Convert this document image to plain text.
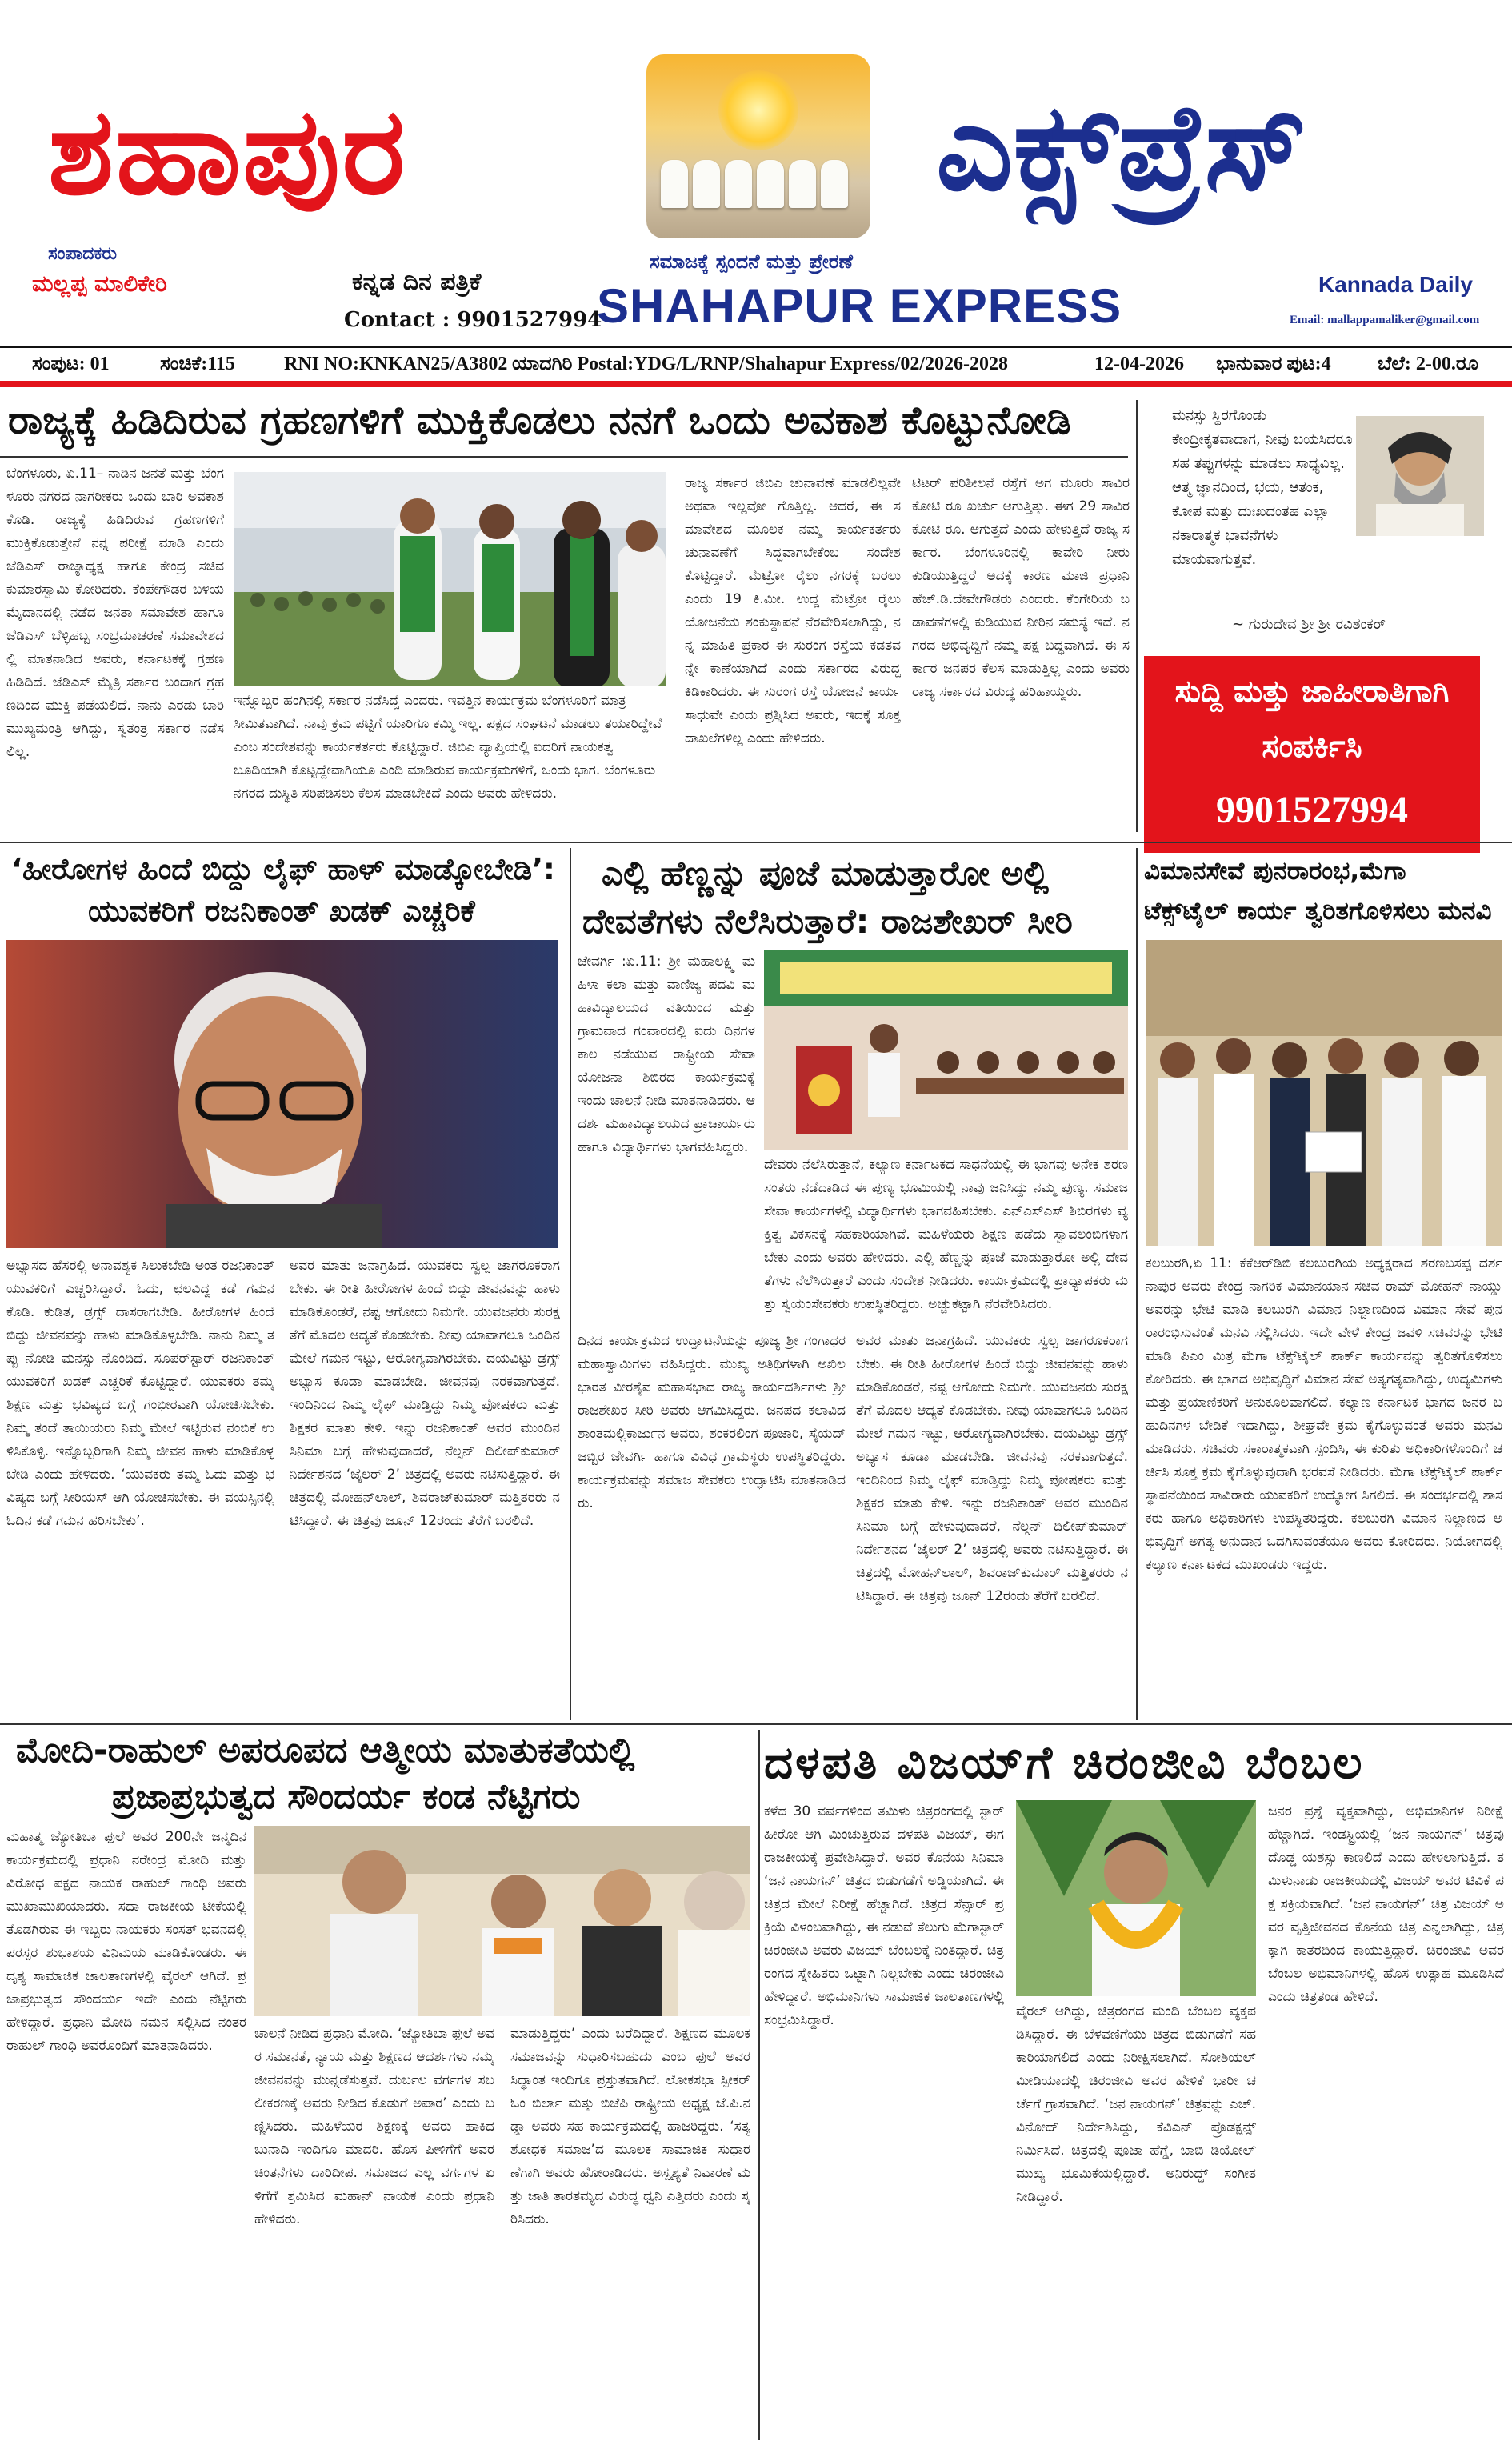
ಶಹಾಪುರ	ಎಕ್ಸ್‌ಪ್ರೆಸ್
ಸಂಪಾದಕರು
ಮಲ್ಲಪ್ಪ ಮಾಲಿಕೇರಿ	ಕನ್ನಡ ದಿನ ಪತ್ರಿಕೆ
Contact : 9901527994
ಸಮಾಜಕ್ಕೆ ಸ್ಪಂದನೆ ಮತ್ತು ಪ್ರೇರಣೆ
SHAHAPUR EXPRESS	Kannada Daily
Email: mallappamaliker@gmail.com
ಸಂಪುಟ: 01	ಸಂಚಿಕೆ:115	RNI NO:KNKAN25/A3802 ಯಾದಗಿರಿ Postal:YDG/L/RNP/Shahapur Express/02/2026-2028	12-04-2026 ಭಾನುವಾರ ಪುಟ:4 ಬೆಲೆ: 2-00.ರೂ
ರಾಜ್ಯಕ್ಕೆ ಹಿಡಿದಿರುವ ಗ್ರಹಣಗಳಿಗೆ ಮುಕ್ತಿಕೊಡಲು ನನಗೆ ಒಂದು ಅವಕಾಶ ಕೊಟ್ಟುನೋಡಿ

ಬೆಂಗಳೂರು, ಏ.11– ನಾಡಿನ ಜನತೆ ಮತ್ತು ಬೆಂಗಳೂರು ನಗರದ ನಾಗರೀಕರು ಒಂದು ಬಾರಿ ಅವಕಾಶ ಕೊಡಿ. ರಾಜ್ಯಕ್ಕೆ ಹಿಡಿದಿರುವ ಗ್ರಹಣಗಳಿಗೆ ಮುಕ್ತಿಕೊಡುತ್ತೇನೆ ನನ್ನ ಪರೀಕ್ಷೆ ಮಾಡಿ ಎಂದು ಜೆಡಿಎಸ್ ರಾಜ್ಯಾಧ್ಯಕ್ಷ ಹಾಗೂ ಕೇಂದ್ರ ಸಚಿವ ಕುಮಾರಸ್ವಾಮಿ ಕೋರಿದರು. ಕೆಂಪೇಗೌಡರ ಬಳಿಯ ಮೈದಾನದಲ್ಲಿ ನಡೆದ ಜನತಾ ಸಮಾವೇಶ ಹಾಗೂ ಜೆಡಿಎಸ್ ಬೆಳ್ಳಿಹಬ್ಬ ಸಂಭ್ರಮಾಚರಣೆ ಸಮಾವೇಶದಲ್ಲಿ ಮಾತನಾಡಿದ ಅವರು, ಕರ್ನಾಟಕಕ್ಕೆ ಗ್ರಹಣ ಹಿಡಿದಿದೆ. ಜೆಡಿಎಸ್ ಮೈತ್ರಿ ಸರ್ಕಾರ ಬಂದಾಗ ಗ್ರಹಣದಿಂದ ಮುಕ್ತಿ ಪಡೆಯಲಿದೆ. ನಾನು ಎರಡು ಬಾರಿ ಮುಖ್ಯಮಂತ್ರಿ ಆಗಿದ್ದು, ಸ್ವತಂತ್ರ ಸರ್ಕಾರ ನಡೆಸಲಿಲ್ಲ.

ಇನ್ನೊಬ್ಬರ ಹಂಗಿನಲ್ಲಿ ಸರ್ಕಾರ ನಡೆಸಿದ್ದೆ ಎಂದರು. ಇವತ್ತಿನ ಕಾರ್ಯಕ್ರಮ ಬೆಂಗಳೂರಿಗೆ ಮಾತ್ರ ಸೀಮಿತವಾಗಿದೆ. ನಾವು ಕ್ರಮ ಪಟ್ಟಿಗೆ ಯಾರಿಗೂ ಕಮ್ಮಿ ಇಲ್ಲ. ಪಕ್ಷದ ಸಂಘಟನೆ ಮಾಡಲು ತಯಾರಿದ್ದೇವೆ ಎಂಬ ಸಂದೇಶವನ್ನು ಕಾರ್ಯಕರ್ತರು ಕೊಟ್ಟಿದ್ದಾರೆ. ಜಿಬಿಎ ವ್ಯಾಪ್ತಿಯಲ್ಲಿ ಐದರಿಗೆ ನಾಯಕತ್ವ ಬೂದಿಯಾಗಿ ಕೊಟ್ಟದ್ದೇವಾಗಿಯೂ ಎಂದಿ ಮಾಡಿರುವ ಕಾರ್ಯಕ್ರಮಗಳಿಗೆ, ಒಂದು ಭಾಗ. ಬೆಂಗಳೂರು ನಗರದ ದುಸ್ಥಿತಿ ಸರಿಪಡಿಸಲು ಕೆಲಸ ಮಾಡಬೇಕಿದೆ ಎಂದು ಅವರು ಹೇಳಿದರು.

ರಾಜ್ಯ ಸರ್ಕಾರ ಜಿಬಿಎ ಚುನಾವಣೆ ಮಾಡಲಿಲ್ಲವೇ ಅಥವಾ ಇಲ್ಲವೋ ಗೊತ್ತಿಲ್ಲ. ಆದರೆ, ಈ ಸಮಾವೇಶದ ಮೂಲಕ ನಮ್ಮ ಕಾರ್ಯಕರ್ತರು ಚುನಾವಣೆಗೆ ಸಿದ್ಧವಾಗಬೇಕೆಂಬ ಸಂದೇಶ ಕೊಟ್ಟಿದ್ದಾರೆ. ಮೆಟ್ರೋ ರೈಲು ನಗರಕ್ಕೆ ಬರಲು ಎಂದು 19 ಕಿ.ಮೀ. ಉದ್ದ ಮೆಟ್ರೋ ರೈಲು ಯೋಜನೆಯ ಶಂಕುಸ್ಥಾಪನೆ ನೆರವೇರಿಸಲಾಗಿದ್ದು, ನನ್ನ ಮಾಹಿತಿ ಪ್ರಕಾರ ಈ ಸುರಂಗ ರಸ್ತೆಯ ಕಡತವನ್ನೇ ಕಾಣೆಯಾಗಿದೆ ಎಂದು ಸರ್ಕಾರದ ವಿರುದ್ಧ ಕಿಡಿಕಾರಿದರು. ಈ ಸುರಂಗ ರಸ್ತೆ ಯೋಜನೆ ಕಾರ್ಯಸಾಧುವೇ ಎಂದು ಪ್ರಶ್ನಿಸಿದ ಅವರು, ಇದಕ್ಕೆ ಸೂಕ್ತ ದಾಖಲೆಗಳಿಲ್ಲ ಎಂದು ಹೇಳಿದರು.

ಟಿಟರ್ ಪರಿಶೀಲನೆ ರಸ್ತೆಗೆ ಅಗ ಮೂರು ಸಾವಿರ ಕೋಟಿ ರೂ ಖರ್ಚು ಆಗುತ್ತಿತ್ತು. ಈಗ 29 ಸಾವಿರ ಕೋಟಿ ರೂ. ಆಗುತ್ತದೆ ಎಂದು ಹೇಳುತ್ತಿದೆ ರಾಜ್ಯ ಸರ್ಕಾರ. ಬೆಂಗಳೂರಿನಲ್ಲಿ ಕಾವೇರಿ ನೀರು ಕುಡಿಯುತ್ತಿದ್ದರೆ ಅದಕ್ಕೆ ಕಾರಣ ಮಾಜಿ ಪ್ರಧಾನಿ ಹೆಚ್.ಡಿ.ದೇವೇಗೌಡರು ಎಂದರು. ಕೆಂಗೇರಿಯ ಬಡಾವಣೆಗಳಲ್ಲಿ ಕುಡಿಯುವ ನೀರಿನ ಸಮಸ್ಯೆ ಇದೆ. ನಗರದ ಅಭಿವೃದ್ಧಿಗೆ ನಮ್ಮ ಪಕ್ಷ ಬದ್ಧವಾಗಿದೆ. ಈ ಸರ್ಕಾರ ಜನಪರ ಕೆಲಸ ಮಾಡುತ್ತಿಲ್ಲ ಎಂದು ಅವರು ರಾಜ್ಯ ಸರ್ಕಾರದ ವಿರುದ್ಧ ಹರಿಹಾಯ್ದರು.

ಮನಸ್ಸು ಸ್ಥಿರಗೊಂಡು ಕೇಂದ್ರೀಕೃತವಾದಾಗ, ನೀವು ಬಯಸಿದರೂ ಸಹ ತಪ್ಪುಗಳನ್ನು ಮಾಡಲು ಸಾಧ್ಯವಿಲ್ಲ. ಆತ್ಮ ಜ್ಞಾನದಿಂದ, ಭಯ, ಆತಂಕ, ಕೋಪ ಮತ್ತು ದುಃಖದಂತಹ ಎಲ್ಲಾ ನಕಾರಾತ್ಮಕ ಭಾವನೆಗಳು ಮಾಯವಾಗುತ್ತವೆ.
~ ಗುರುದೇವ ಶ್ರೀ ಶ್ರೀ ರವಿಶಂಕರ್
ಸುದ್ದಿ ಮತ್ತು ಜಾಹೀರಾತಿಗಾಗಿ
ಸಂಪರ್ಕಿಸಿ
9901527994
‘ಹೀರೋಗಳ ಹಿಂದೆ ಬಿದ್ದು ಲೈಫ್ ಹಾಳ್ ಮಾಡ್ಕೋಬೇಡಿ’:
ಯುವಕರಿಗೆ ರಜನಿಕಾಂತ್ ಖಡಕ್ ಎಚ್ಚರಿಕೆ

ಅಭ್ಯಾಸದ ಹೆಸರಲ್ಲಿ ಅನಾವಶ್ಯಕ ಸಿಲುಕಬೇಡಿ ಅಂತ ರಜನಿಕಾಂತ್ ಯುವಕರಿಗೆ ಎಚ್ಚರಿಸಿದ್ದಾರೆ. ಓದು, ಛಲವಿದ್ದ ಕಡೆ ಗಮನ ಕೊಡಿ. ಕುಡಿತ, ಡ್ರಗ್ಸ್ ದಾಸರಾಗಬೇಡಿ. ಹೀರೋಗಳ ಹಿಂದೆ ಬಿದ್ದು ಜೀವನವನ್ನು ಹಾಳು ಮಾಡಿಕೊಳ್ಳಬೇಡಿ. ನಾನು ನಿಮ್ಮ ತಪ್ಪು ನೋಡಿ ಮನಸ್ಸು ನೊಂದಿದೆ. ಸೂಪರ್‌ಸ್ಟಾರ್ ರಜನಿಕಾಂತ್ ಯುವಕರಿಗೆ ಖಡಕ್ ಎಚ್ಚರಿಕೆ ಕೊಟ್ಟಿದ್ದಾರೆ. ಯುವಕರು ತಮ್ಮ ಶಿಕ್ಷಣ ಮತ್ತು ಭವಿಷ್ಯದ ಬಗ್ಗೆ ಗಂಭೀರವಾಗಿ ಯೋಚಿಸಬೇಕು. ನಿಮ್ಮ ತಂದೆ ತಾಯಿಯರು ನಿಮ್ಮ ಮೇಲೆ ಇಟ್ಟಿರುವ ನಂಬಿಕೆ ಉಳಿಸಿಕೊಳ್ಳಿ. ಇನ್ನೊಬ್ಬರಿಗಾಗಿ ನಿಮ್ಮ ಜೀವನ ಹಾಳು ಮಾಡಿಕೊಳ್ಳಬೇಡಿ ಎಂದು ಹೇಳಿದರು. ‘ಯುವಕರು ತಮ್ಮ ಓದು ಮತ್ತು ಭವಿಷ್ಯದ ಬಗ್ಗೆ ಸೀರಿಯಸ್ ಆಗಿ ಯೋಚಿಸಬೇಕು. ಈ ವಯಸ್ಸಿನಲ್ಲಿ ಓದಿನ ಕಡೆ ಗಮನ ಹರಿಸಬೇಕು’.

ಅವರ ಮಾತು ಜನಾಗ್ರಹಿದೆ. ಯುವಕರು ಸ್ವಲ್ಪ ಜಾಗರೂಕರಾಗಬೇಕು. ಈ ರೀತಿ ಹೀರೋಗಳ ಹಿಂದೆ ಬಿದ್ದು ಜೀವನವನ್ನು ಹಾಳು ಮಾಡಿಕೊಂಡರೆ, ನಷ್ಟ ಆಗೋದು ನಿಮಗೇ. ಯುವಜನರು ಸುರಕ್ಷತೆಗೆ ಮೊದಲ ಆದ್ಯತೆ ಕೊಡಬೇಕು. ನೀವು ಯಾವಾಗಲೂ ಒಂದಿನ ಮೇಲೆ ಗಮನ ಇಟ್ಟು, ಆರೋಗ್ಯವಾಗಿರಬೇಕು. ದಯವಿಟ್ಟು ಡ್ರಗ್ಸ್ ಅಭ್ಯಾಸ ಕೂಡಾ ಮಾಡಬೇಡಿ. ಜೀವನವು ನರಕವಾಗುತ್ತದೆ. ಇಂದಿನಿಂದ ನಿಮ್ಮ ಲೈಫ್ ಮಾಡ್ತಿದ್ದು ನಿಮ್ಮ ಪೋಷಕರು ಮತ್ತು ಶಿಕ್ಷಕರ ಮಾತು ಕೇಳಿ. ಇನ್ನು ರಜನಿಕಾಂತ್ ಅವರ ಮುಂದಿನ ಸಿನಿಮಾ ಬಗ್ಗೆ ಹೇಳುವುದಾದರೆ, ನೆಲ್ಸನ್ ದಿಲೀಪ್‌ಕುಮಾರ್ ನಿರ್ದೇಶನದ ‘ಜೈಲರ್ 2’ ಚಿತ್ರದಲ್ಲಿ ಅವರು ನಟಿಸುತ್ತಿದ್ದಾರೆ. ಈ ಚಿತ್ರದಲ್ಲಿ ಮೋಹನ್‌ಲಾಲ್, ಶಿವರಾಜ್‌ಕುಮಾರ್ ಮತ್ತಿತರರು ನಟಿಸಿದ್ದಾರೆ. ಈ ಚಿತ್ರವು ಜೂನ್ 12ರಂದು ತೆರೆಗೆ ಬರಲಿದೆ.

ಎಲ್ಲಿ ಹೆಣ್ಣನ್ನು ಪೂಜೆ ಮಾಡುತ್ತಾರೋ ಅಲ್ಲಿ
ದೇವತೆಗಳು ನೆಲೆಸಿರುತ್ತಾರೆ: ರಾಜಶೇಖರ್ ಸೀರಿ

ಜೇವರ್ಗಿ :ಏ.11: ಶ್ರೀ ಮಹಾಲಕ್ಷ್ಮಿ ಮಹಿಳಾ ಕಲಾ ಮತ್ತು ವಾಣಿಜ್ಯ ಪದವಿ ಮಹಾವಿದ್ಯಾಲಯದ ವತಿಯಿಂದ ಮತ್ತು ಗ್ರಾಮವಾದ ಗಂವಾರದಲ್ಲಿ ಐದು ದಿನಗಳ ಕಾಲ ನಡೆಯುವ ರಾಷ್ಟ್ರೀಯ ಸೇವಾ ಯೋಜನಾ ಶಿಬಿರದ ಕಾರ್ಯಕ್ರಮಕ್ಕೆ ಇಂದು ಚಾಲನೆ ನೀಡಿ ಮಾತನಾಡಿದರು. ಆದರ್ಶ ಮಹಾವಿದ್ಯಾಲಯದ ಪ್ರಾಚಾರ್ಯರು ಹಾಗೂ ವಿದ್ಯಾರ್ಥಿಗಳು ಭಾಗವಹಿಸಿದ್ದರು.

ದೇವರು ನೆಲೆಸಿರುತ್ತಾನೆ, ಕಲ್ಯಾಣ ಕರ್ನಾಟಕದ ಸಾಧನೆಯಲ್ಲಿ ಈ ಭಾಗವು ಅನೇಕ ಶರಣ ಸಂತರು ನಡೆದಾಡಿದ ಈ ಪುಣ್ಯ ಭೂಮಿಯಲ್ಲಿ ನಾವು ಜನಿಸಿದ್ದು ನಮ್ಮ ಪುಣ್ಯ. ಸಮಾಜ ಸೇವಾ ಕಾರ್ಯಗಳಲ್ಲಿ ವಿದ್ಯಾರ್ಥಿಗಳು ಭಾಗವಹಿಸಬೇಕು. ಎನ್‌ಎಸ್‌ಎಸ್ ಶಿಬಿರಗಳು ವ್ಯಕ್ತಿತ್ವ ವಿಕಸನಕ್ಕೆ ಸಹಕಾರಿಯಾಗಿವೆ. ಮಹಿಳೆಯರು ಶಿಕ್ಷಣ ಪಡೆದು ಸ್ವಾವಲಂಬಿಗಳಾಗಬೇಕು ಎಂದು ಅವರು ಹೇಳಿದರು. ಎಲ್ಲಿ ಹೆಣ್ಣನ್ನು ಪೂಜೆ ಮಾಡುತ್ತಾರೋ ಅಲ್ಲಿ ದೇವತೆಗಳು ನೆಲೆಸಿರುತ್ತಾರೆ ಎಂದು ಸಂದೇಶ ನೀಡಿದರು. ಕಾರ್ಯಕ್ರಮದಲ್ಲಿ ಪ್ರಾಧ್ಯಾಪಕರು ಮತ್ತು ಸ್ವಯಂಸೇವಕರು ಉಪಸ್ಥಿತರಿದ್ದರು. ಅಚ್ಚುಕಟ್ಟಾಗಿ ನೆರವೇರಿಸಿದರು.

ದಿನದ ಕಾರ್ಯಕ್ರಮದ ಉದ್ಘಾಟನೆಯನ್ನು ಪೂಜ್ಯ ಶ್ರೀ ಗಂಗಾಧರ ಮಹಾಸ್ವಾಮಿಗಳು ವಹಿಸಿದ್ದರು. ಮುಖ್ಯ ಅತಿಥಿಗಳಾಗಿ ಅಖಿಲ ಭಾರತ ವೀರಶೈವ ಮಹಾಸಭಾದ ರಾಜ್ಯ ಕಾರ್ಯದರ್ಶಿಗಳು ಶ್ರೀ ರಾಜಶೇಖರ ಸೀರಿ ಅವರು ಆಗಮಿಸಿದ್ದರು. ಜನಪದ ಕಲಾವಿದ ಶಾಂತಮಲ್ಲಿಕಾರ್ಜುನ ಅವರು, ಶಂಕರಲಿಂಗ ಪೂಜಾರಿ, ಸೈಯದ್ ಜಬ್ಬಿರ ಜೇವರ್ಗಿ ಹಾಗೂ ವಿವಿಧ ಗ್ರಾಮಸ್ಥರು ಉಪಸ್ಥಿತರಿದ್ದರು. ಕಾರ್ಯಕ್ರಮವನ್ನು ಸಮಾಜ ಸೇವಕರು ಉದ್ಘಾಟಿಸಿ ಮಾತನಾಡಿದರು.

ಅವರ ಮಾತು ಜನಾಗ್ರಹಿದೆ. ಯುವಕರು ಸ್ವಲ್ಪ ಜಾಗರೂಕರಾಗಬೇಕು. ಈ ರೀತಿ ಹೀರೋಗಳ ಹಿಂದೆ ಬಿದ್ದು ಜೀವನವನ್ನು ಹಾಳು ಮಾಡಿಕೊಂಡರೆ, ನಷ್ಟ ಆಗೋದು ನಿಮಗೇ. ಯುವಜನರು ಸುರಕ್ಷತೆಗೆ ಮೊದಲ ಆದ್ಯತೆ ಕೊಡಬೇಕು. ನೀವು ಯಾವಾಗಲೂ ಒಂದಿನ ಮೇಲೆ ಗಮನ ಇಟ್ಟು, ಆರೋಗ್ಯವಾಗಿರಬೇಕು. ದಯವಿಟ್ಟು ಡ್ರಗ್ಸ್ ಅಭ್ಯಾಸ ಕೂಡಾ ಮಾಡಬೇಡಿ. ಜೀವನವು ನರಕವಾಗುತ್ತದೆ. ಇಂದಿನಿಂದ ನಿಮ್ಮ ಲೈಫ್ ಮಾಡ್ತಿದ್ದು ನಿಮ್ಮ ಪೋಷಕರು ಮತ್ತು ಶಿಕ್ಷಕರ ಮಾತು ಕೇಳಿ. ಇನ್ನು ರಜನಿಕಾಂತ್ ಅವರ ಮುಂದಿನ ಸಿನಿಮಾ ಬಗ್ಗೆ ಹೇಳುವುದಾದರೆ, ನೆಲ್ಸನ್ ದಿಲೀಪ್‌ಕುಮಾರ್ ನಿರ್ದೇಶನದ ‘ಜೈಲರ್ 2’ ಚಿತ್ರದಲ್ಲಿ ಅವರು ನಟಿಸುತ್ತಿದ್ದಾರೆ. ಈ ಚಿತ್ರದಲ್ಲಿ ಮೋಹನ್‌ಲಾಲ್, ಶಿವರಾಜ್‌ಕುಮಾರ್ ಮತ್ತಿತರರು ನಟಿಸಿದ್ದಾರೆ. ಈ ಚಿತ್ರವು ಜೂನ್ 12ರಂದು ತೆರೆಗೆ ಬರಲಿದೆ.

ವಿಮಾನಸೇವೆ ಪುನರಾರಂಭ,ಮೆಗಾ
ಟೆಕ್ಸ್‌ಟೈಲ್ ಕಾರ್ಯ ತ್ವರಿತಗೊಳಿಸಲು ಮನವಿ

ಕಲಬುರಗಿ,ಏ 11: ಕೆಕೆಆರ್‌ಡಿಬಿ ಕಲಬುರಗಿಯ ಅಧ್ಯಕ್ಷರಾದ ಶರಣಬಸಪ್ಪ ದರ್ಶನಾಪುರ ಅವರು ಕೇಂದ್ರ ನಾಗರಿಕ ವಿಮಾನಯಾನ ಸಚಿವ ರಾಮ್ ಮೋಹನ್ ನಾಯ್ಡು ಅವರನ್ನು ಭೇಟಿ ಮಾಡಿ ಕಲಬುರಗಿ ವಿಮಾನ ನಿಲ್ದಾಣದಿಂದ ವಿಮಾನ ಸೇವೆ ಪುನರಾರಂಭಿಸುವಂತೆ ಮನವಿ ಸಲ್ಲಿಸಿದರು. ಇದೇ ವೇಳೆ ಕೇಂದ್ರ ಜವಳಿ ಸಚಿವರನ್ನು ಭೇಟಿ ಮಾಡಿ ಪಿಎಂ ಮಿತ್ರ ಮೆಗಾ ಟೆಕ್ಸ್‌ಟೈಲ್ ಪಾರ್ಕ್ ಕಾರ್ಯವನ್ನು ತ್ವರಿತಗೊಳಿಸಲು ಕೋರಿದರು. ಈ ಭಾಗದ ಅಭಿವೃದ್ಧಿಗೆ ವಿಮಾನ ಸೇವೆ ಅತ್ಯಗತ್ಯವಾಗಿದ್ದು, ಉದ್ಯಮಿಗಳು ಮತ್ತು ಪ್ರಯಾಣಿಕರಿಗೆ ಅನುಕೂಲವಾಗಲಿದೆ. ಕಲ್ಯಾಣ ಕರ್ನಾಟಕ ಭಾಗದ ಜನರ ಬಹುದಿನಗಳ ಬೇಡಿಕೆ ಇದಾಗಿದ್ದು, ಶೀಘ್ರವೇ ಕ್ರಮ ಕೈಗೊಳ್ಳುವಂತೆ ಅವರು ಮನವಿ ಮಾಡಿದರು. ಸಚಿವರು ಸಕಾರಾತ್ಮಕವಾಗಿ ಸ್ಪಂದಿಸಿ, ಈ ಕುರಿತು ಅಧಿಕಾರಿಗಳೊಂದಿಗೆ ಚರ್ಚಿಸಿ ಸೂಕ್ತ ಕ್ರಮ ಕೈಗೊಳ್ಳುವುದಾಗಿ ಭರವಸೆ ನೀಡಿದರು. ಮೆಗಾ ಟೆಕ್ಸ್‌ಟೈಲ್ ಪಾರ್ಕ್ ಸ್ಥಾಪನೆಯಿಂದ ಸಾವಿರಾರು ಯುವಕರಿಗೆ ಉದ್ಯೋಗ ಸಿಗಲಿದೆ. ಈ ಸಂದರ್ಭದಲ್ಲಿ ಶಾಸಕರು ಹಾಗೂ ಅಧಿಕಾರಿಗಳು ಉಪಸ್ಥಿತರಿದ್ದರು. ಕಲಬುರಗಿ ವಿಮಾನ ನಿಲ್ದಾಣದ ಅಭಿವೃದ್ಧಿಗೆ ಅಗತ್ಯ ಅನುದಾನ ಒದಗಿಸುವಂತೆಯೂ ಅವರು ಕೋರಿದರು. ನಿಯೋಗದಲ್ಲಿ ಕಲ್ಯಾಣ ಕರ್ನಾಟಕದ ಮುಖಂಡರು ಇದ್ದರು.

ಮೋದಿ-ರಾಹುಲ್ ಅಪರೂಪದ ಆತ್ಮೀಯ ಮಾತುಕತೆಯಲ್ಲಿ
ಪ್ರಜಾಪ್ರಭುತ್ವದ ಸೌಂದರ್ಯ ಕಂಡ ನೆಟ್ಟಿಗರು

ಮಹಾತ್ಮ ಜ್ಯೋತಿಬಾ ಫುಲೆ ಅವರ 200ನೇ ಜನ್ಮದಿನ ಕಾರ್ಯಕ್ರಮದಲ್ಲಿ ಪ್ರಧಾನಿ ನರೇಂದ್ರ ಮೋದಿ ಮತ್ತು ವಿರೋಧ ಪಕ್ಷದ ನಾಯಕ ರಾಹುಲ್ ಗಾಂಧಿ ಅವರು ಮುಖಾಮುಖಿಯಾದರು. ಸದಾ ರಾಜಕೀಯ ಟೀಕೆಯಲ್ಲಿ ತೊಡಗಿರುವ ಈ ಇಬ್ಬರು ನಾಯಕರು ಸಂಸತ್ ಭವನದಲ್ಲಿ ಪರಸ್ಪರ ಶುಭಾಶಯ ವಿನಿಮಯ ಮಾಡಿಕೊಂಡರು. ಈ ದೃಶ್ಯ ಸಾಮಾಜಿಕ ಜಾಲತಾಣಗಳಲ್ಲಿ ವೈರಲ್ ಆಗಿದೆ. ಪ್ರಜಾಪ್ರಭುತ್ವದ ಸೌಂದರ್ಯ ಇದೇ ಎಂದು ನೆಟ್ಟಿಗರು ಹೇಳಿದ್ದಾರೆ. ಪ್ರಧಾನಿ ಮೋದಿ ನಮನ ಸಲ್ಲಿಸಿದ ನಂತರ ರಾಹುಲ್ ಗಾಂಧಿ ಅವರೊಂದಿಗೆ ಮಾತನಾಡಿದರು.

ಚಾಲನೆ ನೀಡಿದ ಪ್ರಧಾನಿ ಮೋದಿ. ‘ಜ್ಯೋತಿಬಾ ಫುಲೆ ಅವರ ಸಮಾನತೆ, ನ್ಯಾಯ ಮತ್ತು ಶಿಕ್ಷಣದ ಆದರ್ಶಗಳು ನಮ್ಮ ಜೀವನವನ್ನು ಮುನ್ನಡೆಸುತ್ತವೆ. ದುರ್ಬಲ ವರ್ಗಗಳ ಸಬಲೀಕರಣಕ್ಕೆ ಅವರು ನೀಡಿದ ಕೊಡುಗೆ ಅಪಾರ’ ಎಂದು ಬಣ್ಣಿಸಿದರು. ಮಹಿಳೆಯರ ಶಿಕ್ಷಣಕ್ಕೆ ಅವರು ಹಾಕಿದ ಬುನಾದಿ ಇಂದಿಗೂ ಮಾದರಿ. ಹೊಸ ಪೀಳಿಗೆಗೆ ಅವರ ಚಿಂತನೆಗಳು ದಾರಿದೀಪ. ಸಮಾಜದ ಎಲ್ಲ ವರ್ಗಗಳ ಏಳಿಗೆಗೆ ಶ್ರಮಿಸಿದ ಮಹಾನ್ ನಾಯಕ ಎಂದು ಪ್ರಧಾನಿ ಹೇಳಿದರು.

ಮಾಡುತ್ತಿದ್ದರು’ ಎಂದು ಬರೆದಿದ್ದಾರೆ. ಶಿಕ್ಷಣದ ಮೂಲಕ ಸಮಾಜವನ್ನು ಸುಧಾರಿಸಬಹುದು ಎಂಬ ಫುಲೆ ಅವರ ಸಿದ್ಧಾಂತ ಇಂದಿಗೂ ಪ್ರಸ್ತುತವಾಗಿದೆ. ಲೋಕಸಭಾ ಸ್ಪೀಕರ್ ಓಂ ಬಿರ್ಲಾ ಮತ್ತು ಬಿಜೆಪಿ ರಾಷ್ಟ್ರೀಯ ಅಧ್ಯಕ್ಷ ಜೆ.ಪಿ.ನಡ್ಡಾ ಅವರು ಸಹ ಕಾರ್ಯಕ್ರಮದಲ್ಲಿ ಹಾಜರಿದ್ದರು. ‘ಸತ್ಯಶೋಧಕ ಸಮಾಜ’ದ ಮೂಲಕ ಸಾಮಾಜಿಕ ಸುಧಾರಣೆಗಾಗಿ ಅವರು ಹೋರಾಡಿದರು. ಅಸ್ಪೃಶ್ಯತೆ ನಿವಾರಣೆ ಮತ್ತು ಜಾತಿ ತಾರತಮ್ಯದ ವಿರುದ್ಧ ಧ್ವನಿ ಎತ್ತಿದರು ಎಂದು ಸ್ಮರಿಸಿದರು.

ದಳಪತಿ ವಿಜಯ್‌ಗೆ ಚಿರಂಜೀವಿ ಬೆಂಬಲ

ಕಳೆದ 30 ವರ್ಷಗಳಿಂದ ತಮಿಳು ಚಿತ್ರರಂಗದಲ್ಲಿ ಸ್ಟಾರ್ ಹೀರೋ ಆಗಿ ಮಿಂಚುತ್ತಿರುವ ದಳಪತಿ ವಿಜಯ್, ಈಗ ರಾಜಕೀಯಕ್ಕೆ ಪ್ರವೇಶಿಸಿದ್ದಾರೆ. ಅವರ ಕೊನೆಯ ಸಿನಿಮಾ ‘ಜನ ನಾಯಗನ್’ ಚಿತ್ರದ ಬಿಡುಗಡೆಗೆ ಅಡ್ಡಿಯಾಗಿದೆ. ಈ ಚಿತ್ರದ ಮೇಲೆ ನಿರೀಕ್ಷೆ ಹೆಚ್ಚಾಗಿದೆ. ಚಿತ್ರದ ಸೆನ್ಸಾರ್ ಪ್ರಕ್ರಿಯೆ ವಿಳಂಬವಾಗಿದ್ದು, ಈ ನಡುವೆ ತೆಲುಗು ಮೆಗಾಸ್ಟಾರ್ ಚಿರಂಜೀವಿ ಅವರು ವಿಜಯ್ ಬೆಂಬಲಕ್ಕೆ ನಿಂತಿದ್ದಾರೆ. ಚಿತ್ರರಂಗದ ಸ್ನೇಹಿತರು ಒಟ್ಟಾಗಿ ನಿಲ್ಲಬೇಕು ಎಂದು ಚಿರಂಜೀವಿ ಹೇಳಿದ್ದಾರೆ. ಅಭಿಮಾನಿಗಳು ಸಾಮಾಜಿಕ ಜಾಲತಾಣಗಳಲ್ಲಿ ಸಂಭ್ರಮಿಸಿದ್ದಾರೆ.

ವೈರಲ್ ಆಗಿದ್ದು, ಚಿತ್ರರಂಗದ ಮಂದಿ ಬೆಂಬಲ ವ್ಯಕ್ತಪಡಿಸಿದ್ದಾರೆ. ಈ ಬೆಳವಣಿಗೆಯು ಚಿತ್ರದ ಬಿಡುಗಡೆಗೆ ಸಹಕಾರಿಯಾಗಲಿದೆ ಎಂದು ನಿರೀಕ್ಷಿಸಲಾಗಿದೆ. ಸೋಶಿಯಲ್ ಮೀಡಿಯಾದಲ್ಲಿ ಚಿರಂಜೀವಿ ಅವರ ಹೇಳಿಕೆ ಭಾರೀ ಚರ್ಚೆಗೆ ಗ್ರಾಸವಾಗಿದೆ. ‘ಜನ ನಾಯಗನ್’ ಚಿತ್ರವನ್ನು ಎಚ್.ವಿನೋದ್ ನಿರ್ದೇಶಿಸಿದ್ದು, ಕೆವಿಎನ್ ಪ್ರೊಡಕ್ಷನ್ಸ್ ನಿರ್ಮಿಸಿದೆ. ಚಿತ್ರದಲ್ಲಿ ಪೂಜಾ ಹೆಗ್ಡೆ, ಬಾಬಿ ಡಿಯೋಲ್ ಮುಖ್ಯ ಭೂಮಿಕೆಯಲ್ಲಿದ್ದಾರೆ. ಅನಿರುದ್ಧ್ ಸಂಗೀತ ನೀಡಿದ್ದಾರೆ.

ಜನರ ಪ್ರಶ್ನೆ ವ್ಯಕ್ತವಾಗಿದ್ದು, ಅಭಿಮಾನಿಗಳ ನಿರೀಕ್ಷೆ ಹೆಚ್ಚಾಗಿದೆ. ಇಂಡಸ್ಟ್ರಿಯಲ್ಲಿ ‘ಜನ ನಾಯಗನ್’ ಚಿತ್ರವು ದೊಡ್ಡ ಯಶಸ್ಸು ಕಾಣಲಿದೆ ಎಂದು ಹೇಳಲಾಗುತ್ತಿದೆ. ತಮಿಳುನಾಡು ರಾಜಕೀಯದಲ್ಲಿ ವಿಜಯ್ ಅವರ ಟಿವಿಕೆ ಪಕ್ಷ ಸಕ್ರಿಯವಾಗಿದೆ. ‘ಜನ ನಾಯಗನ್’ ಚಿತ್ರ ವಿಜಯ್ ಅವರ ವೃತ್ತಿಜೀವನದ ಕೊನೆಯ ಚಿತ್ರ ಎನ್ನಲಾಗಿದ್ದು, ಚಿತ್ರಕ್ಕಾಗಿ ಕಾತರದಿಂದ ಕಾಯುತ್ತಿದ್ದಾರೆ. ಚಿರಂಜೀವಿ ಅವರ ಬೆಂಬಲ ಅಭಿಮಾನಿಗಳಲ್ಲಿ ಹೊಸ ಉತ್ಸಾಹ ಮೂಡಿಸಿದೆ ಎಂದು ಚಿತ್ರತಂಡ ಹೇಳಿದೆ.
